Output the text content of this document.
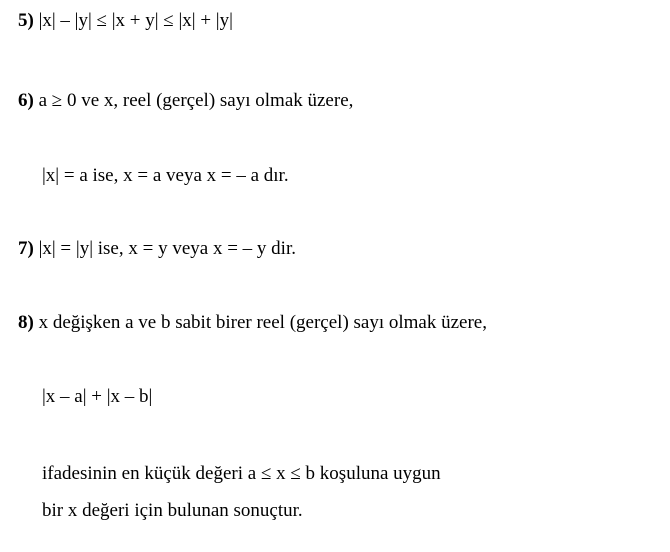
5) |x| – |y| ≤ |x + y| ≤ |x| + |y|
6) a ≥ 0 ve x, reel (gerçel) sayı olmak üzere,
|x| = a ise, x = a veya x = – a dır.
7) |x| = |y| ise, x = y veya x = – y dir.
8) x değişken a ve b sabit birer reel (gerçel) sayı olmak üzere,
|x – a| + |x – b|
ifadesinin en küçük değeri a ≤ x ≤ b koşuluna uygun
bir x değeri için bulunan sonuçtur.
